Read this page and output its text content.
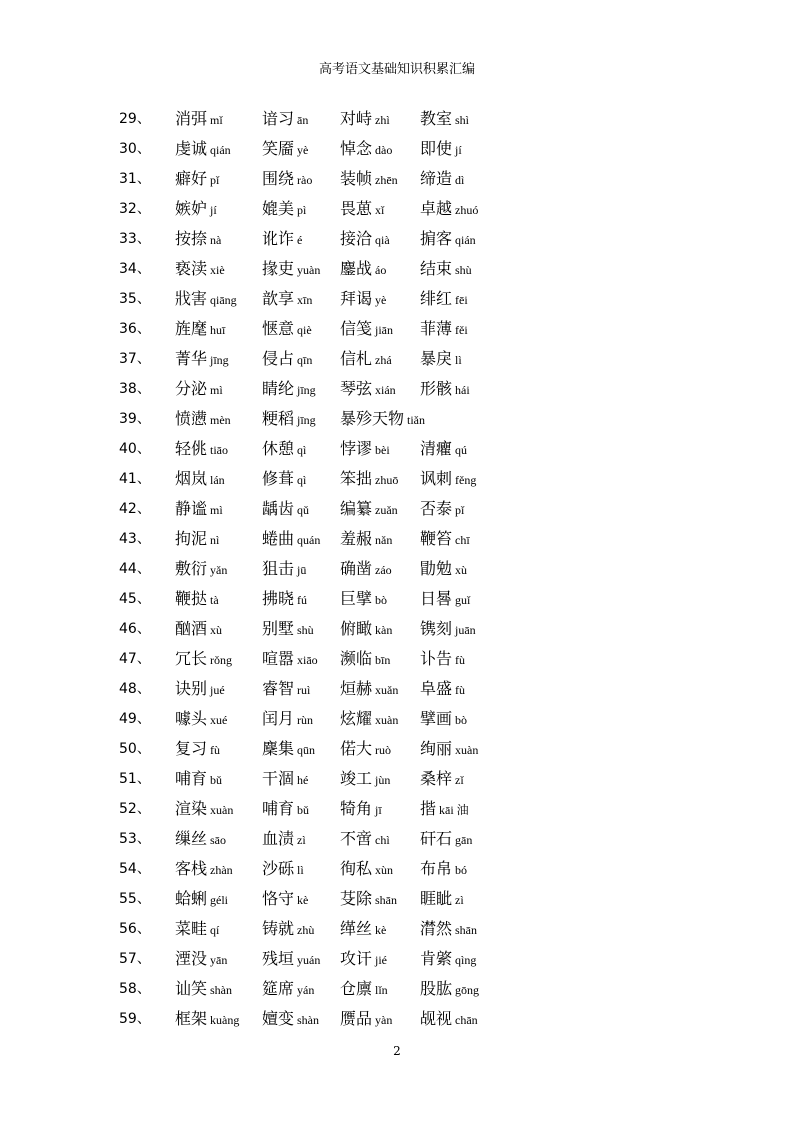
高考语文基础知识积累汇编
29、 消弭 mǐ 谙习 ān 对峙 zhì 教室 shì
30、 虔诚 qián 笑靥 yè 悼念 dào 即使 jí
31、 癖好 pǐ	围绕 rào 装帧 zhēn 缔造 dì
32、 嫉妒 jí	媲美 pì 畏葸 xǐ 卓越 zhuó
33、 按捺 nà	讹诈 é 接洽 qià 掮客 qián
34、 亵渎 xiè 掾吏 yuàn 鏖战 áo 结束 shù
35、 戕害 qiāng 歆享 xīn 拜谒 yè 绯红 fēi
36、 旌麾 huī 惬意 qiè 信笺 jiān 菲薄 fěi
37、 菁华 jīng 侵占 qīn 信札 zhá 暴戾 lì
38、 分泌 mì 睛纶 jīng 琴弦 xián 形骸 hái
39、 愤懑 mèn 粳稻 jīng 暴殄天物 tiǎn
40、 轻佻 tiāo 休憩 qì 悖谬 bèi 清癯 qú
41、 烟岚 lán 修葺 qì 笨拙 zhuō 讽刺 fěng
42、 静谧 mì 龋齿 qǔ 编纂 zuǎn 否泰 pǐ
43、 拘泥 nì	蜷曲 quán 羞赧 nǎn 鞭笞 chī
44、 敷衍 yǎn 狙击 jū 确凿 záo 勖勉 xù
45、 鞭挞 tà	拂晓 fú 巨擘 bò 日晷 guǐ
46、 酗酒 xù 别墅 shù 俯瞰 kàn 镌刻 juān
47、 冗长 rǒng 喧嚣 xiāo 濒临 bīn 讣告 fù
48、 诀别 jué 睿智 ruì 烜赫 xuǎn 阜盛 fù
49、 噱头 xué 闰月 rùn 炫耀 xuàn 擘画 bò
50、 复习 fù	麇集 qūn 偌大 ruò 绚丽 xuàn
51、 哺育 bǔ 干涸 hé 竣工 jùn 桑梓 zǐ
52、 渲染 xuàn 哺育 bǔ 犄角 jī 揩 kāi 油
53、 缫丝 sāo 血渍 zì 不啻 chì 矸石 gān
54、 客栈 zhàn 沙砾 lì 徇私 xùn 布帛 bó
55、 蛤蜊 géli 恪守 kè 芟除 shān 睚眦 zì
56、 菜畦 qí	铸就 zhù 缂丝 kè 潸然 shān
57、 湮没 yān 残垣 yuán 攻讦 jié 肯綮 qìng
58、 讪笑 shàn 筵席 yán 仓廪 lǐn 股肱 gōng
59、 框架 kuàng 嬗变 shàn 赝品 yàn 觇视 chān
2
